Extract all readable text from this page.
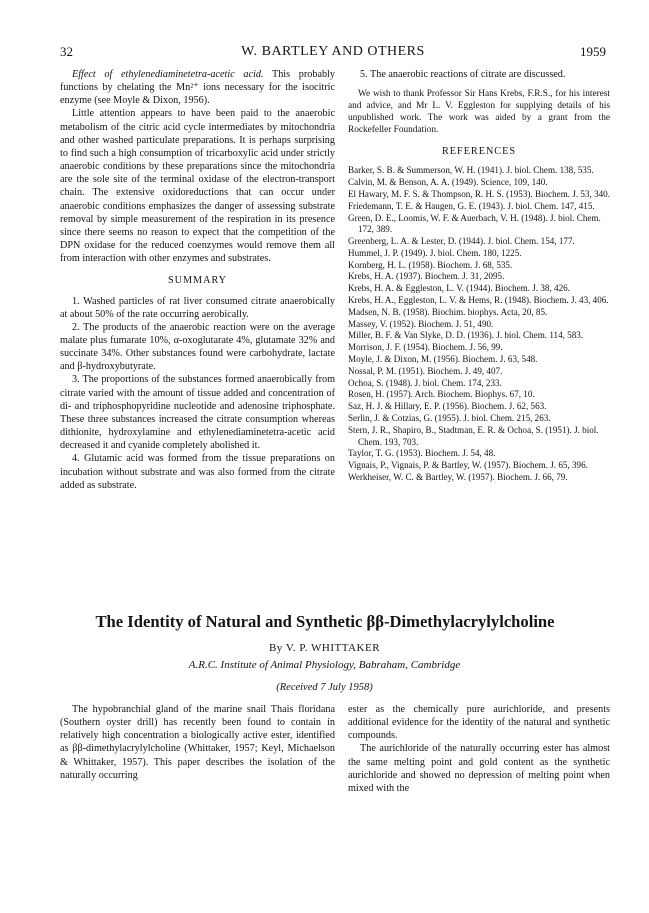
32	W. BARTLEY AND OTHERS	1959

Effect of ethylenediaminetetra-acetic acid. This probably functions by chelating the Mn²⁺ ions necessary for the isocitric enzyme (see Moyle & Dixon, 1956).

Little attention appears to have been paid to the anaerobic metabolism of the citric acid cycle intermediates by mitochondria and other washed particulate preparations. It is perhaps surprising to find such a high consumption of tricarboxylic acid under strictly anaerobic conditions by these preparations since the mitochondria are the sole site of the terminal oxidase of the electron-transport chain. The extensive oxidoreductions that can occur under anaerobic conditions emphasizes the danger of assessing substrate removal by simple measurement of the respiration in its presence since there seems no reason to expect that the competition of the DPN oxidase for the reduced coenzymes would remove them all from interaction with other enzymes and substrates.

SUMMARY

1. Washed particles of rat liver consumed citrate anaerobically at about 50% of the rate occurring aerobically.

2. The products of the anaerobic reaction were on the average malate plus fumarate 10%, α-oxoglutarate 4%, glutamate 32% and succinate 34%. Other substances found were carbohydrate, lactate and β-hydroxybutyrate.

3. The proportions of the substances formed anaerobically from citrate varied with the amount of tissue added and concentration of di- and triphosphopyridine nucleotide and adenosine triphosphate. These three substances increased the citrate consumption whereas dithionite, hydroxylamine and ethylenediaminetetra-acetic acid decreased it and cyanide completely abolished it.

4. Glutamic acid was formed from the tissue preparations on incubation without substrate and was also formed from the citrate added as substrate.

5. The anaerobic reactions of citrate are discussed.

We wish to thank Professor Sir Hans Krebs, F.R.S., for his interest and advice, and Mr L. V. Eggleston for supplying details of his unpublished work. The work was aided by a grant from the Rockefeller Foundation.

REFERENCES

Barker, S. B. & Summerson, W. H. (1941). J. biol. Chem. 138, 535.

Calvin, M. & Benson, A. A. (1949). Science, 109, 140.

El Hawary, M. F. S. & Thompson, R. H. S. (1953). Biochem. J. 53, 340.

Friedemann, T. E. & Haugen, G. E. (1943). J. biol. Chem. 147, 415.

Green, D. E., Loomis, W. F. & Auerbach, V. H. (1948). J. biol. Chem. 172, 389.

Greenberg, L. A. & Lester, D. (1944). J. biol. Chem. 154, 177.

Hummel, J. P. (1949). J. biol. Chem. 180, 1225.

Kornberg, H. L. (1958). Biochem. J. 68, 535.

Krebs, H. A. (1937). Biochem. J. 31, 2095.

Krebs, H. A. & Eggleston, L. V. (1944). Biochem. J. 38, 426.

Krebs, H. A., Eggleston, L. V. & Hems, R. (1948). Biochem. J. 43, 406.

Madsen, N. B. (1958). Biochim. biophys. Acta, 20, 85.

Massey, V. (1952). Biochem. J. 51, 490.

Miller, B. F. & Van Slyke, D. D. (1936). J. biol. Chem. 114, 583.

Morrison, J. F. (1954). Biochem. J. 56, 99.

Moyle, J. & Dixon, M. (1956). Biochem. J. 63, 548.

Nossal, P. M. (1951). Biochem. J. 49, 407.

Ochoa, S. (1948). J. biol. Chem. 174, 233.

Rosen, H. (1957). Arch. Biochem. Biophys. 67, 10.

Saz, H. J. & Hillary, E. P. (1956). Biochem. J. 62, 563.

Serlin, J. & Cotzias, G. (1955). J. biol. Chem. 215, 263.

Stern, J. R., Shapiro, B., Stadtman, E. R. & Ochoa, S. (1951). J. biol. Chem. 193, 703.

Taylor, T. G. (1953). Biochem. J. 54, 48.

Vignais, P., Vignais, P. & Bartley, W. (1957). Biochem. J. 65, 396.

Werkheiser, W. C. & Bartley, W. (1957). Biochem. J. 66, 79.

The Identity of Natural and Synthetic ββ-Dimethylacrylylcholine
By V. P. WHITTAKER
A.R.C. Institute of Animal Physiology, Babraham, Cambridge
(Received 7 July 1958)

The hypobranchial gland of the marine snail Thais floridana (Southern oyster drill) has recently been found to contain in relatively high concentration a biologically active ester, identified as ββ-dimethylacrylylcholine (Whittaker, 1957; Keyl, Michaelson & Whittaker, 1957). This paper describes the isolation of the naturally occurring

ester as the chemically pure aurichloride, and presents additional evidence for the identity of the natural and synthetic compounds.

The aurichloride of the naturally occurring ester has almost the same melting point and gold content as the synthetic aurichloride and showed no depression of melting point when mixed with the
